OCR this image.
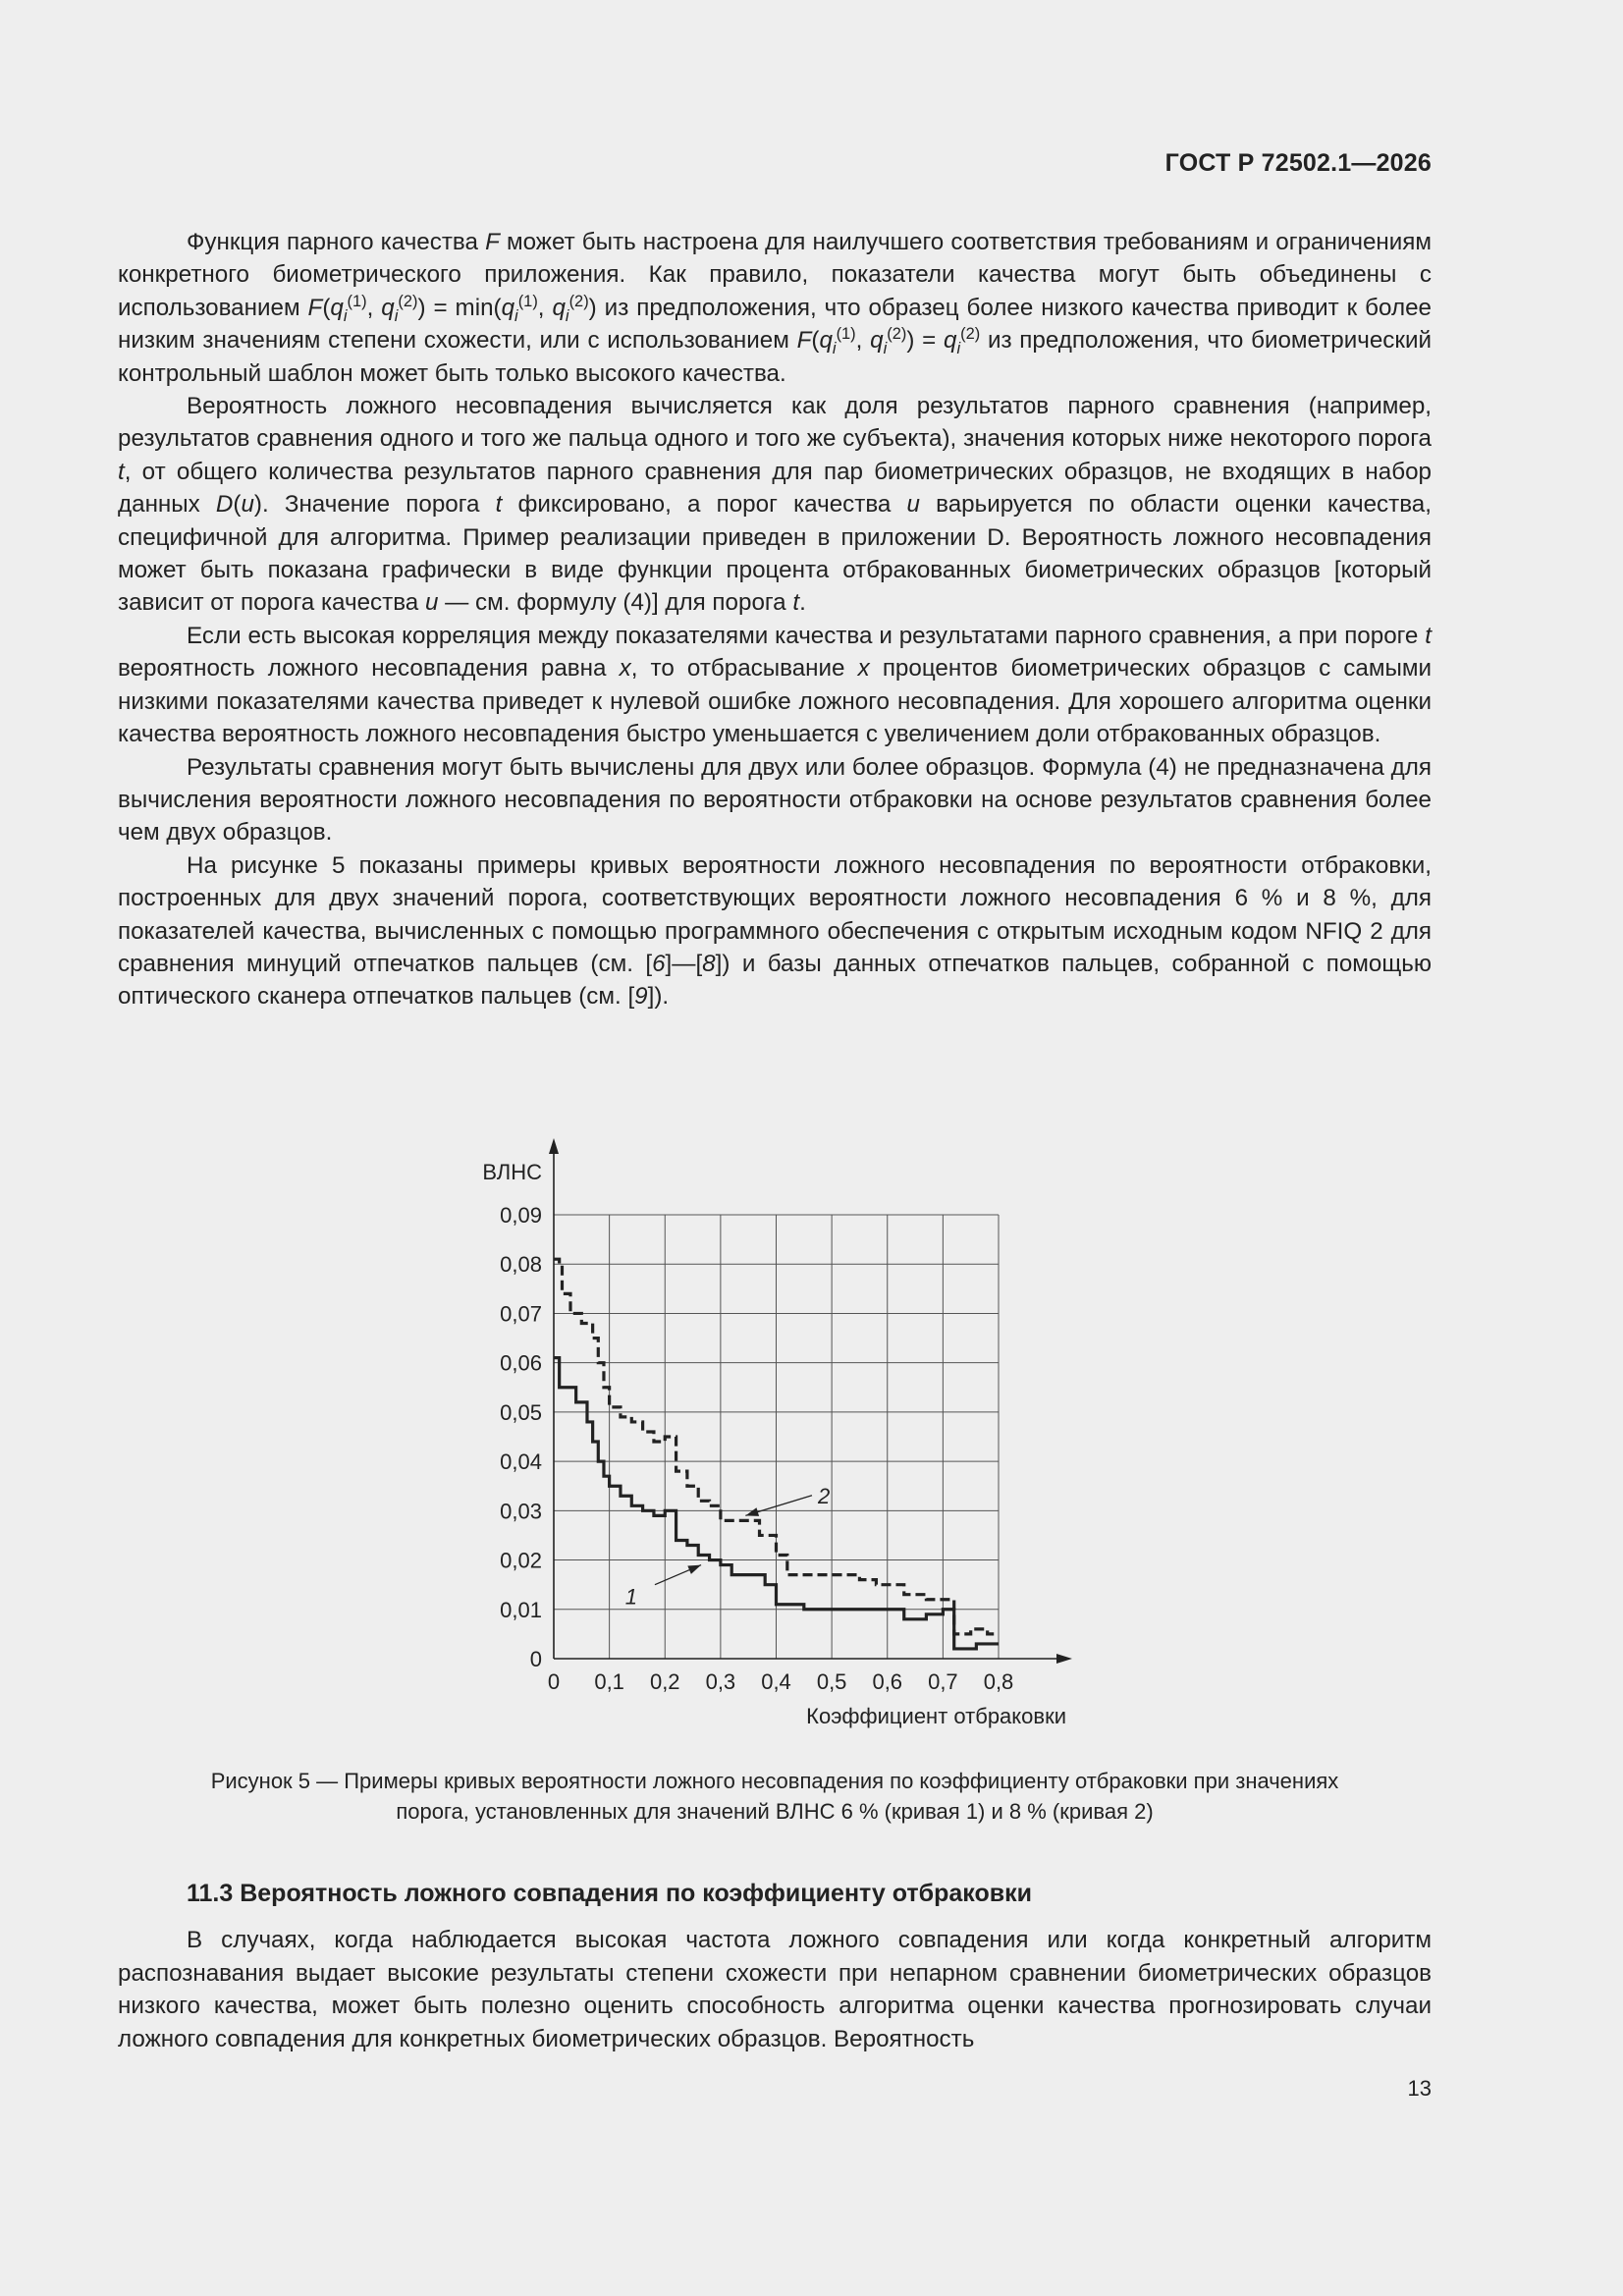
ГОСТ Р 72502.1—2026

Функция парного качества F может быть настроена для наилучшего соответствия требованиям и ограничениям конкретного биометрического приложения. Как правило, показатели качества могут быть объединены с использованием $F(q_i^{(1)}$, $q_i^{(2)}) = \min(q_i^{(1)}$, $q_i^{(2)}$) из предположения, что образец более низкого качества приводит к более низким значениям степени схожести, или с использованием $F(q_i^{(1)}$, $q_i^{(2)}) = q_i^{(2)}$ из предположения, что биометрический контрольный шаблон может быть только высокого качества.

Вероятность ложного несовпадения вычисляется как доля результатов парного сравнения (например, результатов сравнения одного и того же пальца одного и того же субъекта), значения которых ниже некоторого порога t, от общего количества результатов парного сравнения для пар биометрических образцов, не входящих в набор данных D(u). Значение порога t фиксировано, а порог качества u варьируется по области оценки качества, специфичной для алгоритма. Пример реализации приведен в приложении D. Вероятность ложного несовпадения может быть показана графически в виде функции процента отбракованных биометрических образцов [который зависит от порога качества u — см. формулу (4)] для порога t.

Если есть высокая корреляция между показателями качества и результатами парного сравнения, а при пороге t вероятность ложного несовпадения равна x, то отбрасывание x процентов биометрических образцов с самыми низкими показателями качества приведет к нулевой ошибке ложного несовпадения. Для хорошего алгоритма оценки качества вероятность ложного несовпадения быстро уменьшается с увеличением доли отбракованных образцов.

Результаты сравнения могут быть вычислены для двух или более образцов. Формула (4) не предназначена для вычисления вероятности ложного несовпадения по вероятности отбраковки на основе результатов сравнения более чем двух образцов.

На рисунке 5 показаны примеры кривых вероятности ложного несовпадения по вероятности отбраковки, построенных для двух значений порога, соответствующих вероятности ложного несовпадения 6 % и 8 %, для показателей качества, вычисленных с помощью программного обеспечения с открытым исходным кодом NFIQ 2 для сравнения минуций отпечатков пальцев (см. [6]—[8]) и базы данных отпечатков пальцев, собранной с помощью оптического сканера отпечатков пальцев (см. [9]).

0 0,1 0,2 0,3 0,4 0,5 0,6 0,7 0,8
0
0,01
0,02
0,03
0,04
0,05
0,06
0,07
0,08
0,09
ВЛНС
Коэффициент отбраковки
1
2
Рисунок 5 — Примеры кривых вероятности ложного несовпадения по коэффициенту отбраковки при значениях
порога, установленных для значений ВЛНС 6 % (кривая 1) и 8 % (кривая 2)
11.3 Вероятность ложного совпадения по коэффициенту отбраковки

В случаях, когда наблюдается высокая частота ложного совпадения или когда конкретный алгоритм распознавания выдает высокие результаты степени схожести при непарном сравнении биометрических образцов низкого качества, может быть полезно оценить способность алгоритма оценки качества прогнозировать случаи ложного совпадения для конкретных биометрических образцов. Вероятность

13
